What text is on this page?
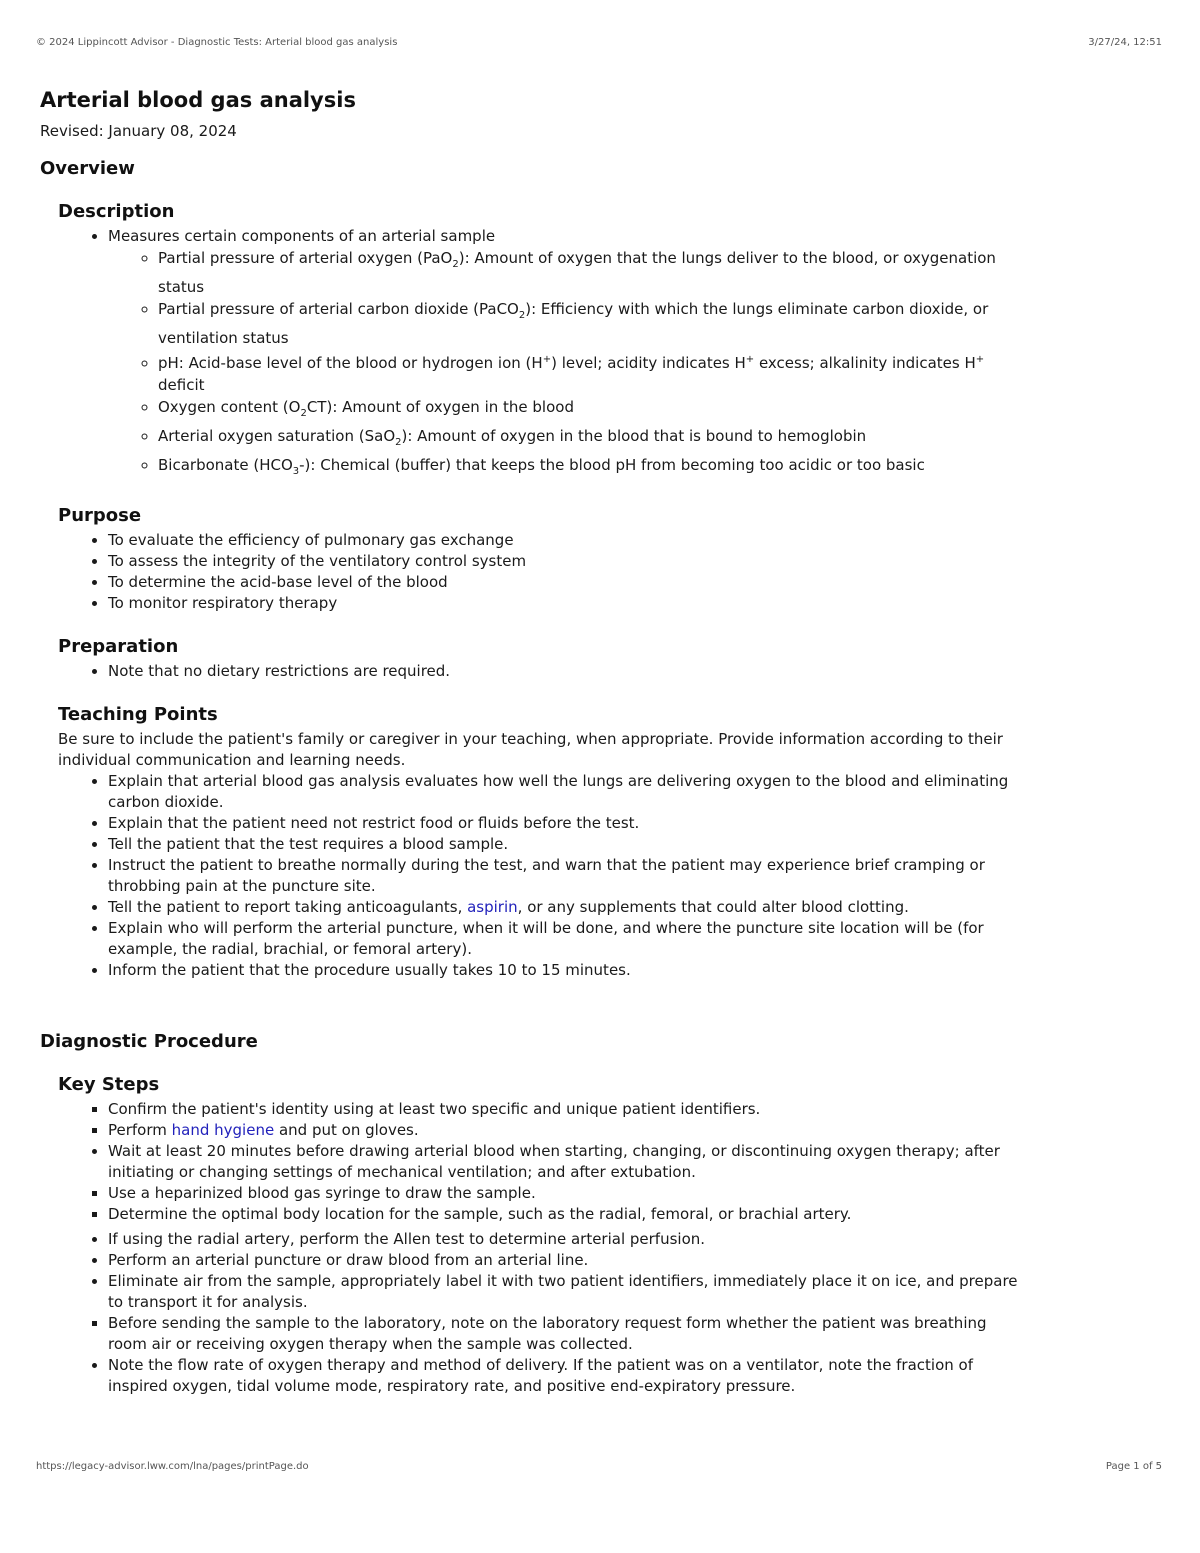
© 2024 Lippincott Advisor - Diagnostic Tests: Arterial blood gas analysis	3/27/24, 12:51
Arterial blood gas analysis

Revised: January 08, 2024

Overview
Description
• Measures certain components of an arterial sample
◦ Partial pressure of arterial oxygen (PaO$_2$): Amount of oxygen that the lungs deliver to the blood, or oxygenation status
◦ Partial pressure of arterial carbon dioxide (PaCO$_2$): Efficiency with which the lungs eliminate carbon dioxide, or ventilation status
◦ pH: Acid-base level of the blood or hydrogen ion (H+) level; acidity indicates H+ excess; alkalinity indicates H+ deficit
◦ Oxygen content $(O_2CT)$: Amount of oxygen in the blood
◦ Arterial oxygen saturation (SaO$_2$): Amount of oxygen in the blood that is bound to hemoglobin
◦ Bicarbonate $(HCO_3-)$: Chemical (buffer) that keeps the blood pH from becoming too acidic or too basic
Purpose
• To evaluate the efficiency of pulmonary gas exchange
• To assess the integrity of the ventilatory control system
• To determine the acid-base level of the blood
• To monitor respiratory therapy
Preparation
• Note that no dietary restrictions are required.
Teaching Points

Be sure to include the patient's family or caregiver in your teaching, when appropriate. Provide information according to their individual communication and learning needs.

• Explain that arterial blood gas analysis evaluates how well the lungs are delivering oxygen to the blood and eliminating carbon dioxide.
• Explain that the patient need not restrict food or fluids before the test.
• Tell the patient that the test requires a blood sample.
• Instruct the patient to breathe normally during the test, and warn that the patient may experience brief cramping or throbbing pain at the puncture site.
• Tell the patient to report taking anticoagulants, aspirin, or any supplements that could alter blood clotting.
• Explain who will perform the arterial puncture, when it will be done, and where the puncture site location will be (for example, the radial, brachial, or femoral artery).
• Inform the patient that the procedure usually takes 10 to 15 minutes.
Diagnostic Procedure
Key Steps
▪ Confirm the patient's identity using at least two specific and unique patient identifiers.
▪ Perform hand hygiene and put on gloves.
• Wait at least 20 minutes before drawing arterial blood when starting, changing, or discontinuing oxygen therapy; after initiating or changing settings of mechanical ventilation; and after extubation.
▪ Use a heparinized blood gas syringe to draw the sample.
▪ Determine the optimal body location for the sample, such as the radial, femoral, or brachial artery.
• If using the radial artery, perform the Allen test to determine arterial perfusion.
• Perform an arterial puncture or draw blood from an arterial line.
• Eliminate air from the sample, appropriately label it with two patient identifiers, immediately place it on ice, and prepare to transport it for analysis.
▪ Before sending the sample to the laboratory, note on the laboratory request form whether the patient was breathing room air or receiving oxygen therapy when the sample was collected.
• Note the flow rate of oxygen therapy and method of delivery. If the patient was on a ventilator, note the fraction of inspired oxygen, tidal volume mode, respiratory rate, and positive end-expiratory pressure.
https://legacy-advisor.lww.com/lna/pages/printPage.do	Page 1 of 5
